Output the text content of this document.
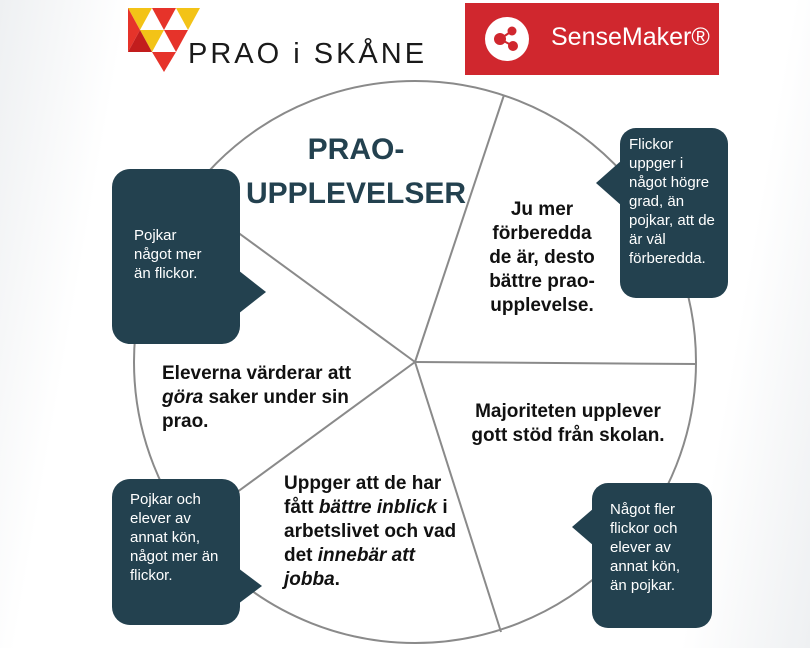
PRAO i SKÅNE
SenseMaker®
PRAO-
UPPLEVELSER	Ju mer
förberedda
de är, desto
bättre prao-
upplevelse.
Majoriteten upplever
gott stöd från skolan.
Uppger att de har
fått bättre inblick i
arbetslivet och vad
det innebär att
jobba.
Eleverna värderar att
göra saker under sin
prao.
Pojkar
något mer
än flickor.
Flickor
uppger i
något högre
grad, än
pojkar, att de
är väl
förberedda.
Pojkar och
elever av
annat kön,
något mer än
flickor.
Något fler
flickor och
elever av
annat kön,
än pojkar.
